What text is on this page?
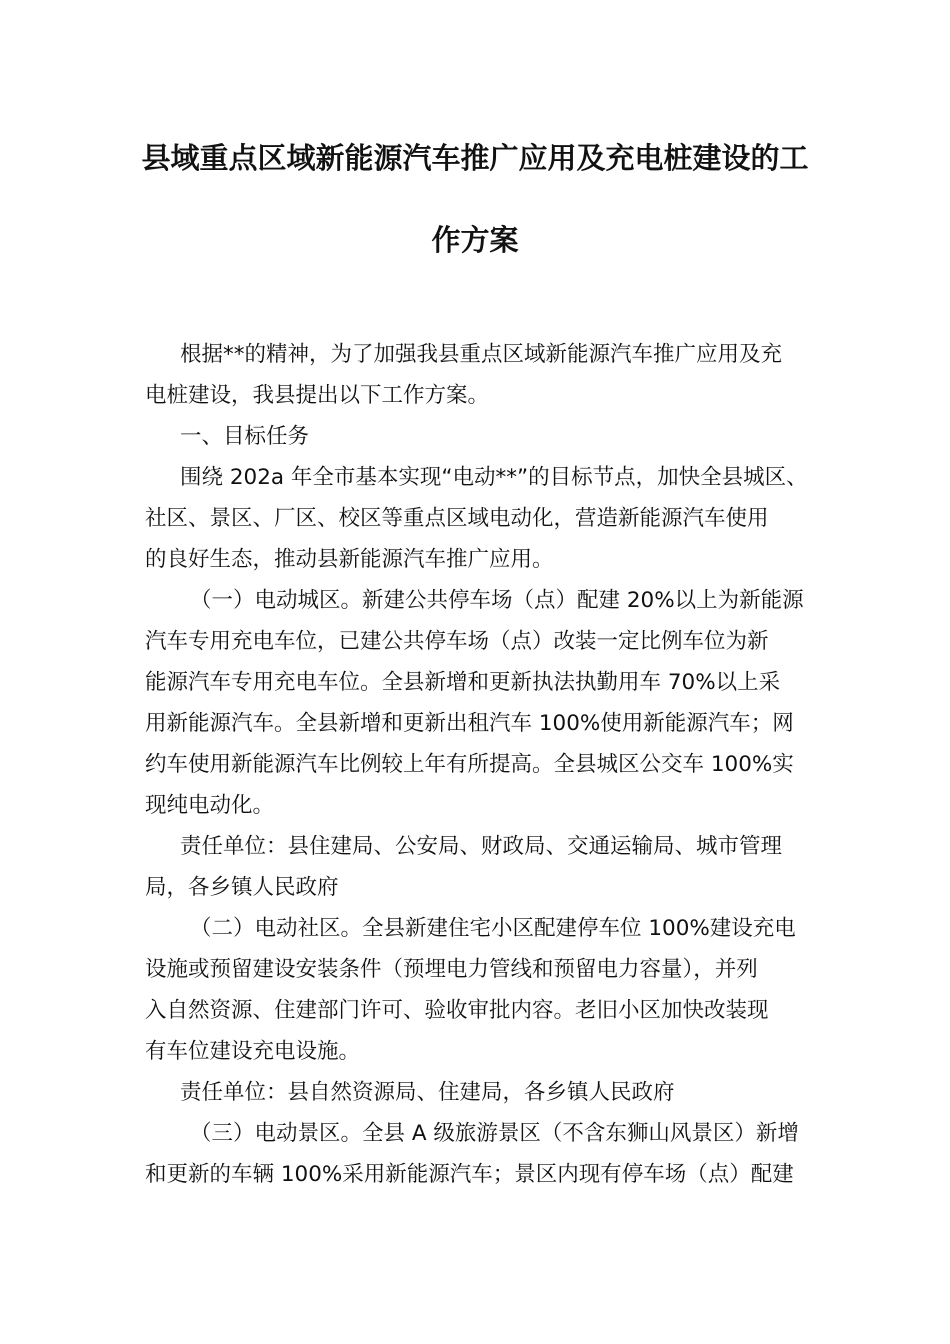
县域重点区域新能源汽车推广应用及充电桩建设的工
作方案
根据**的精神，为了加强我县重点区域新能源汽车推广应用及充
电桩建设，我县提出以下工作方案。
一、目标任务
围绕 202a 年全市基本实现“电动**”的目标节点，加快全县城区、
社区、景区、厂区、校区等重点区域电动化，营造新能源汽车使用
的良好生态，推动县新能源汽车推广应用。
（一）电动城区。新建公共停车场（点）配建 20%以上为新能源
汽车专用充电车位，已建公共停车场（点）改装一定比例车位为新
能源汽车专用充电车位。全县新增和更新执法执勤用车 70%以上采
用新能源汽车。全县新增和更新出租汽车 100%使用新能源汽车；网
约车使用新能源汽车比例较上年有所提高。全县城区公交车 100%实
现纯电动化。
责任单位：县住建局、公安局、财政局、交通运输局、城市管理
局，各乡镇人民政府
（二）电动社区。全县新建住宅小区配建停车位 100%建设充电
设施或预留建设安装条件（预埋电力管线和预留电力容量），并列
入自然资源、住建部门许可、验收审批内容。老旧小区加快改装现
有车位建设充电设施。
责任单位：县自然资源局、住建局，各乡镇人民政府
（三）电动景区。全县 A 级旅游景区（不含东狮山风景区）新增
和更新的车辆 100%采用新能源汽车；景区内现有停车场（点）配建
